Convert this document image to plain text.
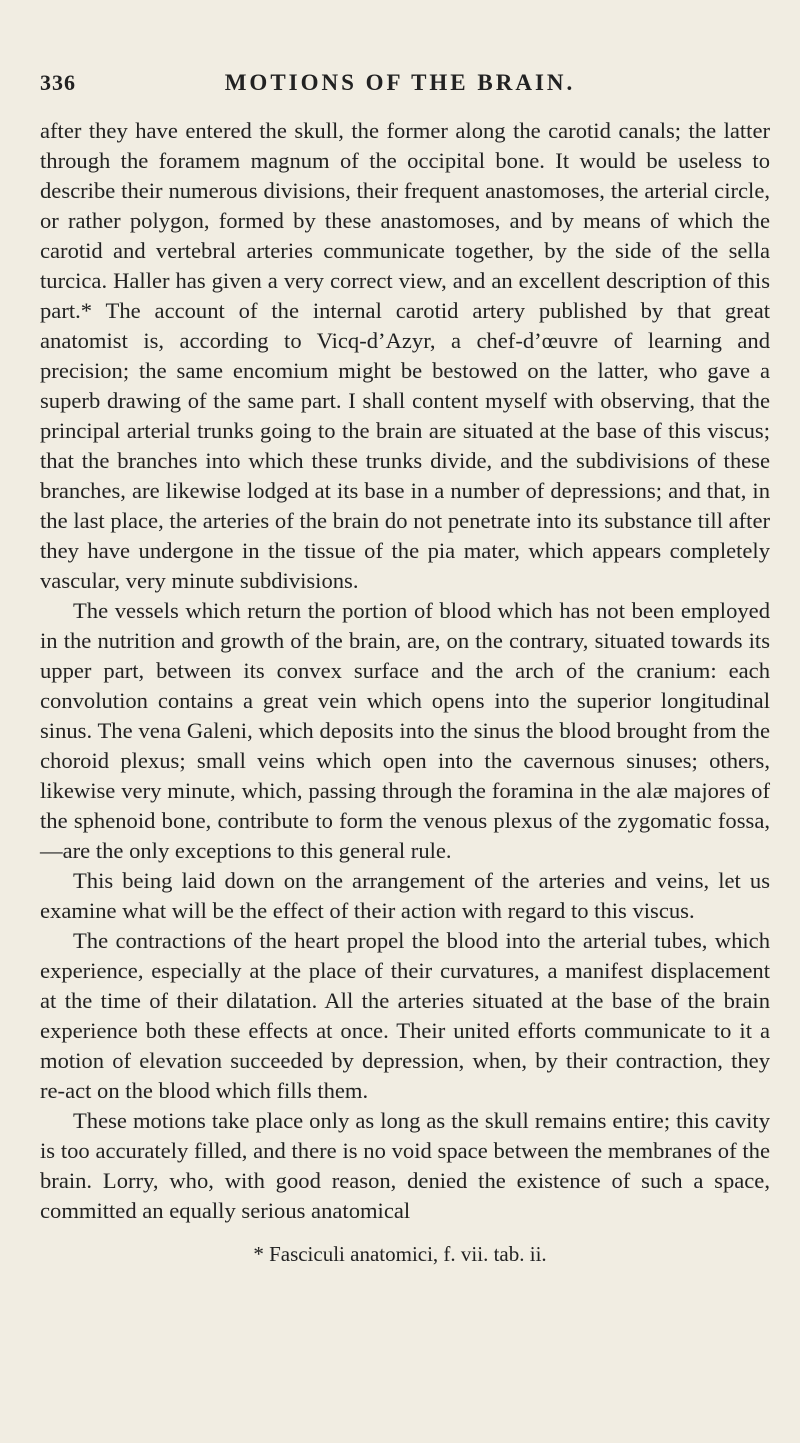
336	MOTIONS OF THE BRAIN.

after they have entered the skull, the former along the carotid canals; the latter through the foramem magnum of the occipital bone. It would be useless to describe their numerous divisions, their frequent anastomoses, the arterial circle, or rather polygon, formed by these anastomoses, and by means of which the carotid and vertebral arteries communicate together, by the side of the sella turcica. Haller has given a very correct view, and an excellent description of this part.* The account of the internal carotid artery published by that great anatomist is, according to Vicq-d’Azyr, a chef-d’œuvre of learning and precision; the same encomium might be bestowed on the latter, who gave a superb drawing of the same part. I shall content myself with observing, that the principal arterial trunks going to the brain are situated at the base of this viscus; that the branches into which these trunks divide, and the subdivisions of these branches, are likewise lodged at its base in a number of depressions; and that, in the last place, the arteries of the brain do not penetrate into its substance till after they have undergone in the tissue of the pia mater, which appears completely vascular, very minute subdivisions.

The vessels which return the portion of blood which has not been employed in the nutrition and growth of the brain, are, on the contrary, situated towards its upper part, between its convex surface and the arch of the cranium: each convolution contains a great vein which opens into the superior longitudinal sinus. The vena Galeni, which deposits into the sinus the blood brought from the choroid plexus; small veins which open into the cavernous sinuses; others, likewise very minute, which, passing through the foramina in the alæ majores of the sphenoid bone, contribute to form the venous plexus of the zygomatic fossa,—are the only exceptions to this general rule.

This being laid down on the arrangement of the arteries and veins, let us examine what will be the effect of their action with regard to this viscus.

The contractions of the heart propel the blood into the arterial tubes, which experience, especially at the place of their curvatures, a manifest displacement at the time of their dilatation. All the arteries situated at the base of the brain experience both these effects at once. Their united efforts communicate to it a motion of elevation succeeded by depression, when, by their contraction, they re-act on the blood which fills them.

These motions take place only as long as the skull remains entire; this cavity is too accurately filled, and there is no void space between the membranes of the brain. Lorry, who, with good reason, denied the existence of such a space, committed an equally serious anatomical

* Fasciculi anatomici, f. vii. tab. ii.
